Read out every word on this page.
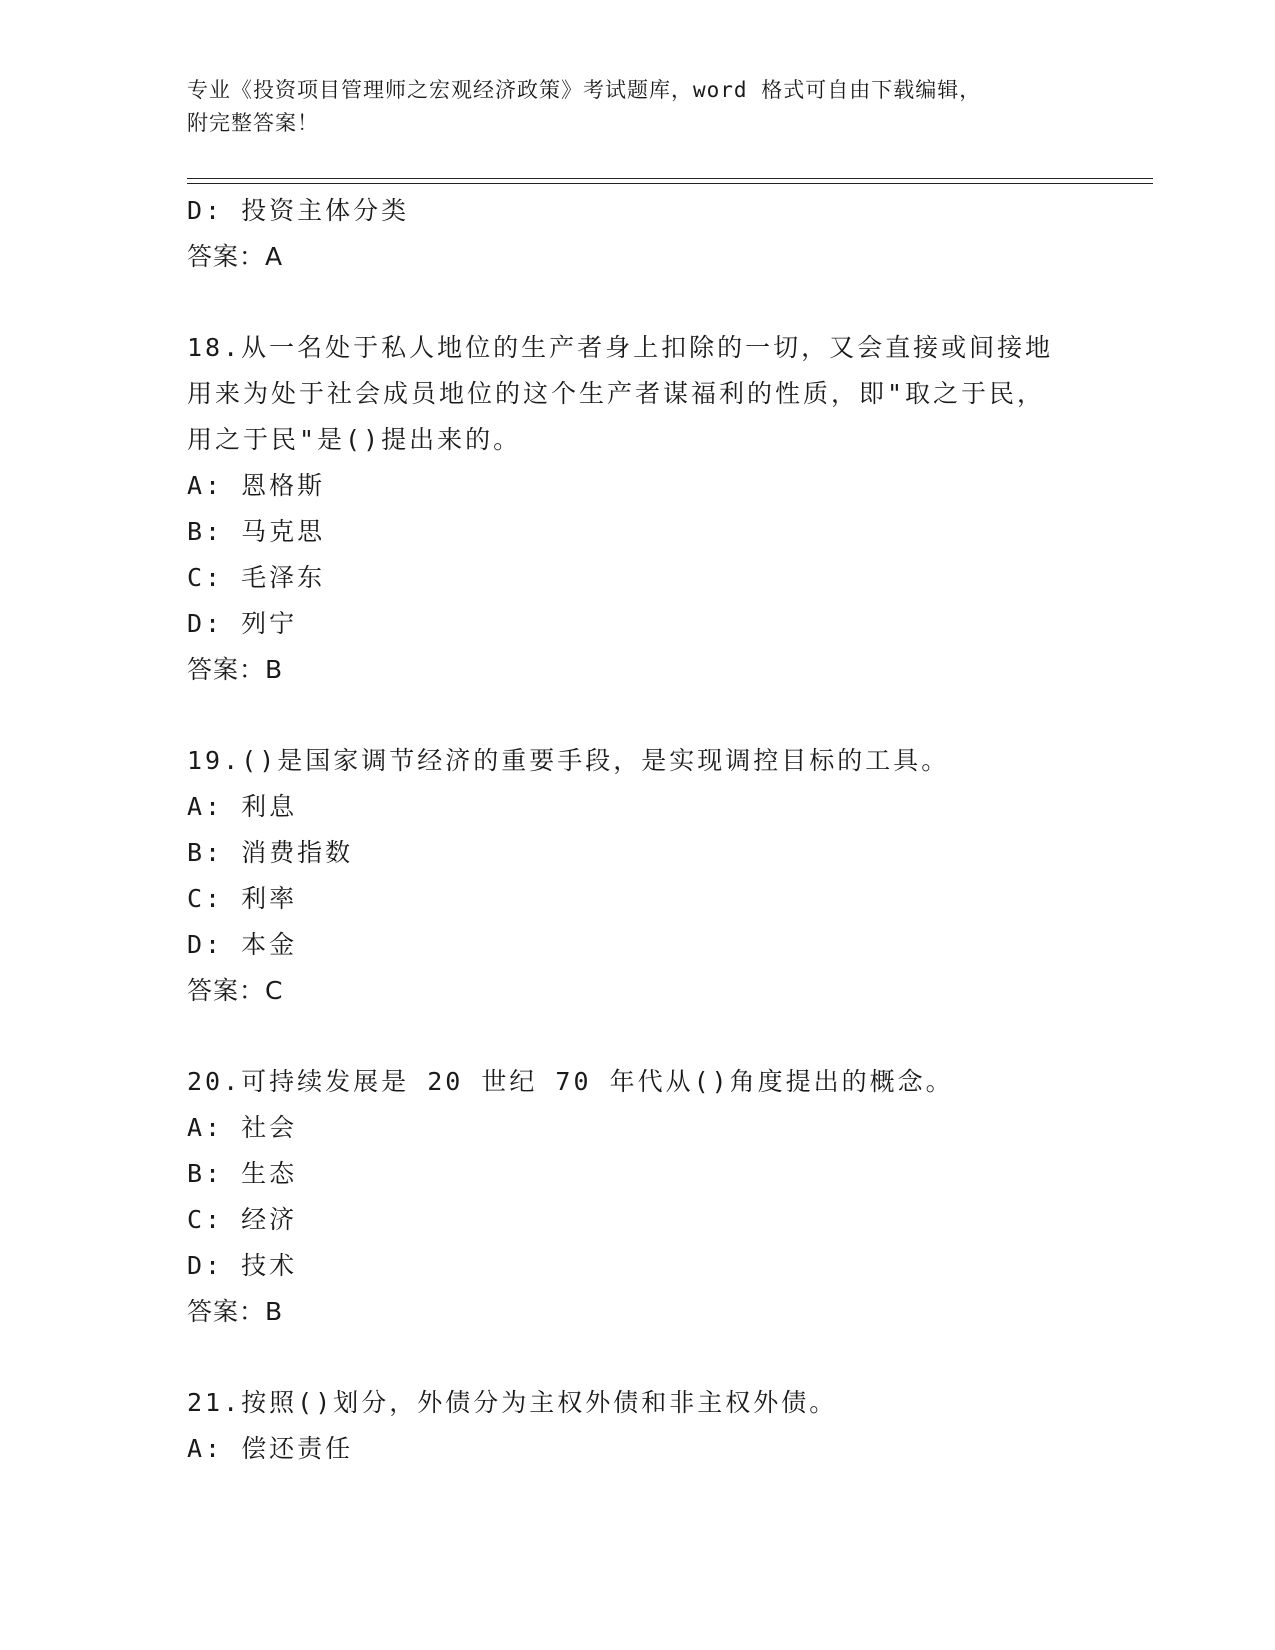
专业《投资项目管理师之宏观经济政策》考试题库，word 格式可自由下载编辑，
附完整答案！
D: 投资主体分类
答案：A
18.从一名处于私人地位的生产者身上扣除的一切，又会直接或间接地
用来为处于社会成员地位的这个生产者谋福利的性质，即"取之于民，
用之于民"是()提出来的。
A: 恩格斯
B: 马克思
C: 毛泽东
D: 列宁
答案：B
19.()是国家调节经济的重要手段，是实现调控目标的工具。
A: 利息
B: 消费指数
C: 利率
D: 本金
答案：C
20.可持续发展是 20 世纪 70 年代从()角度提出的概念。
A: 社会
B: 生态
C: 经济
D: 技术
答案：B
21.按照()划分，外债分为主权外债和非主权外债。
A: 偿还责任
